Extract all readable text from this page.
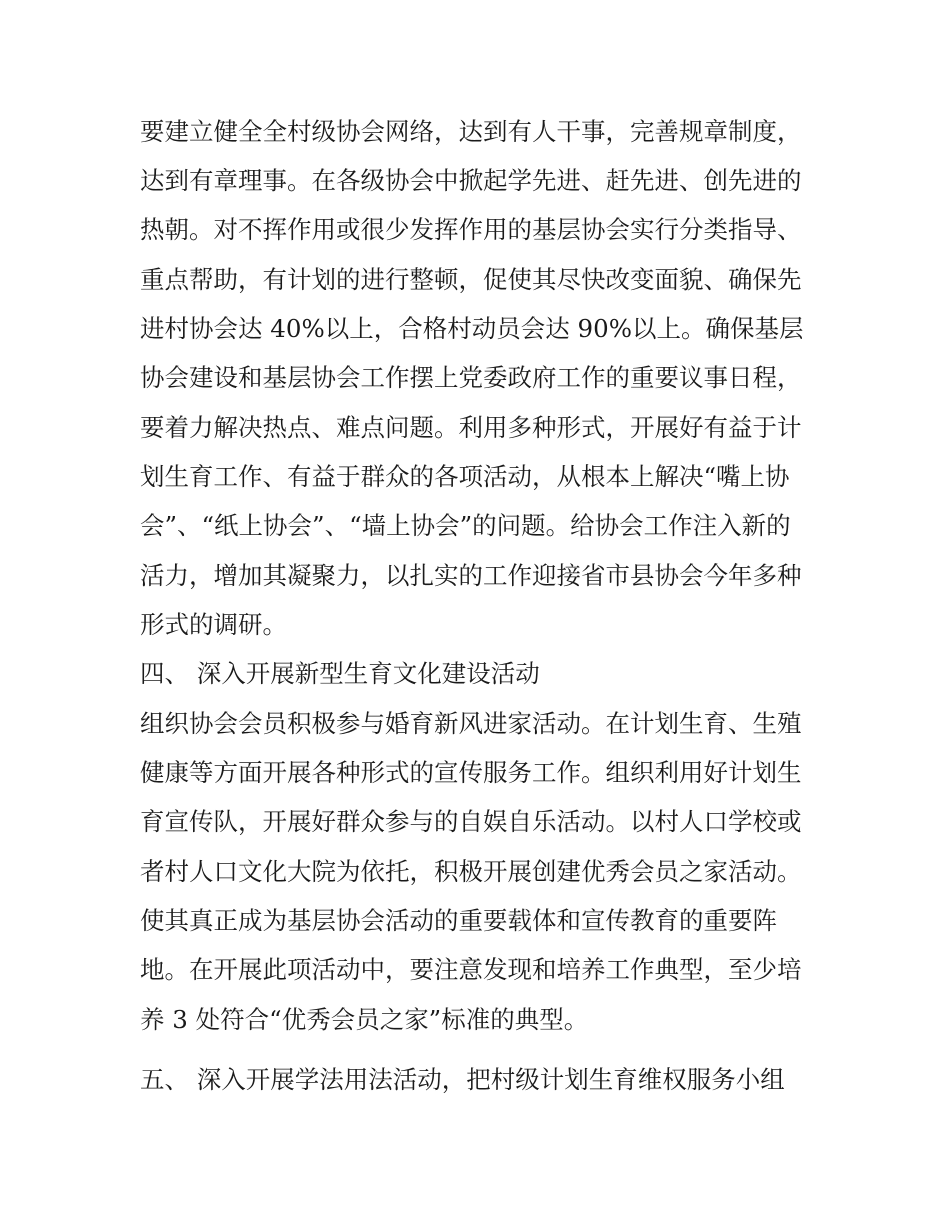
要建立健全全村级协会网络，达到有人干事，完善规章制度，
达到有章理事。在各级协会中掀起学先进、赶先进、创先进的
热朝。对不挥作用或很少发挥作用的基层协会实行分类指导、
重点帮助，有计划的进行整顿，促使其尽快改变面貌、确保先
进村协会达 40%以上，合格村动员会达 90%以上。确保基层
协会建设和基层协会工作摆上党委政府工作的重要议事日程，
要着力解决热点、难点问题。利用多种形式，开展好有益于计
划生育工作、有益于群众的各项活动，从根本上解决“嘴上协
会”、“纸上协会”、“墙上协会”的问题。给协会工作注入新的
活力，增加其凝聚力，以扎实的工作迎接省市县协会今年多种
形式的调研。
四、 深入开展新型生育文化建设活动
组织协会会员积极参与婚育新风进家活动。在计划生育、生殖
健康等方面开展各种形式的宣传服务工作。组织利用好计划生
育宣传队，开展好群众参与的自娱自乐活动。以村人口学校或
者村人口文化大院为依托，积极开展创建优秀会员之家活动。
使其真正成为基层协会活动的重要载体和宣传教育的重要阵
地。在开展此项活动中，要注意发现和培养工作典型，至少培
养 3 处符合“优秀会员之家”标准的典型。
五、 深入开展学法用法活动，把村级计划生育维权服务小组
